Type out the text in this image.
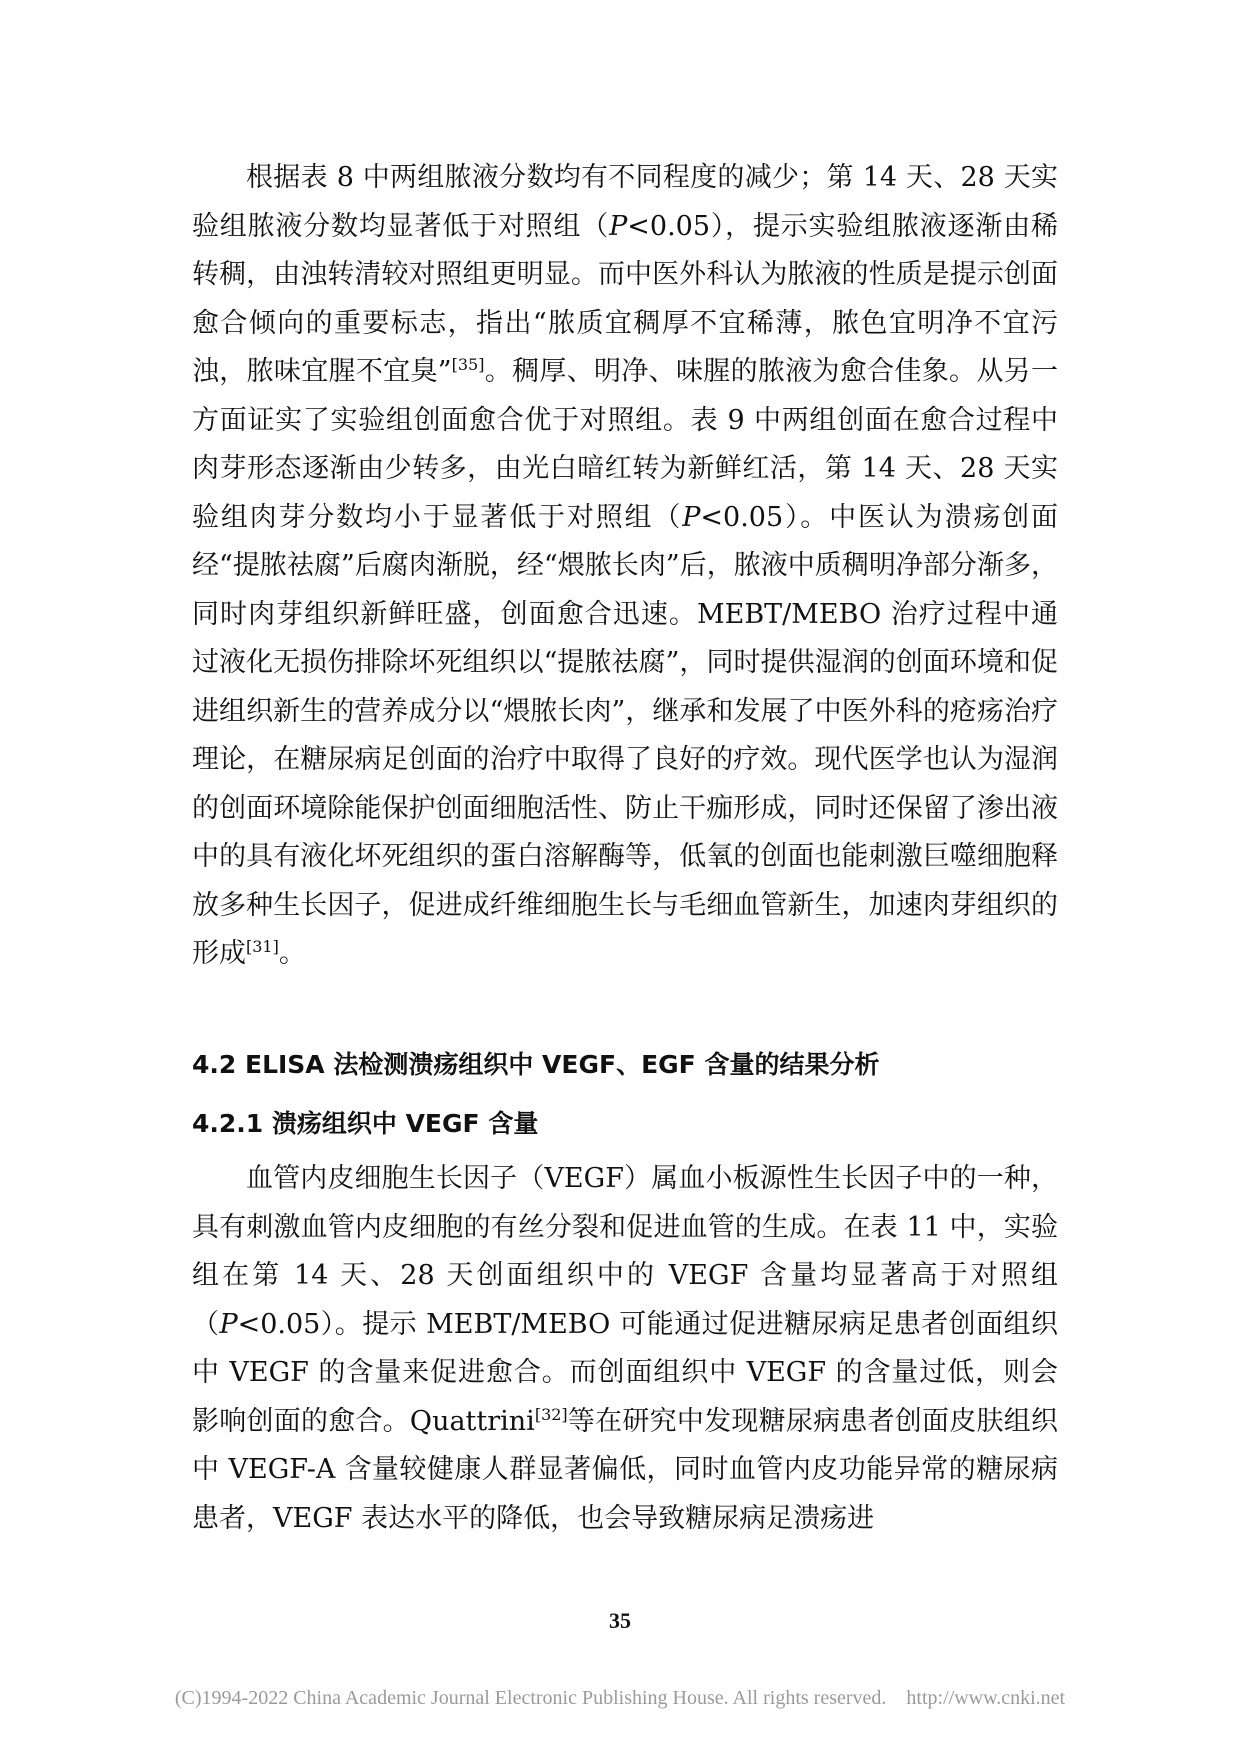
根据表 8 中两组脓液分数均有不同程度的减少；第 14 天、28 天实验组脓液分数均显著低于对照组（P<0.05），提示实验组脓液逐渐由稀转稠，由浊转清较对照组更明显。而中医外科认为脓液的性质是提示创面愈合倾向的重要标志，指出“脓质宜稠厚不宜稀薄，脓色宜明净不宜污浊，脓味宜腥不宜臭”[35]。稠厚、明净、味腥的脓液为愈合佳象。从另一方面证实了实验组创面愈合优于对照组。表 9 中两组创面在愈合过程中肉芽形态逐渐由少转多，由光白暗红转为新鲜红活，第 14 天、28 天实验组肉芽分数均小于显著低于对照组（P<0.05）。中医认为溃疡创面经“提脓祛腐”后腐肉渐脱，经“煨脓长肉”后，脓液中质稠明净部分渐多，同时肉芽组织新鲜旺盛，创面愈合迅速。MEBT/MEBO 治疗过程中通过液化无损伤排除坏死组织以“提脓祛腐”，同时提供湿润的创面环境和促进组织新生的营养成分以“煨脓长肉”，继承和发展了中医外科的疮疡治疗理论，在糖尿病足创面的治疗中取得了良好的疗效。现代医学也认为湿润的创面环境除能保护创面细胞活性、防止干痂形成，同时还保留了渗出液中的具有液化坏死组织的蛋白溶解酶等，低氧的创面也能刺激巨噬细胞释放多种生长因子，促进成纤维细胞生长与毛细血管新生，加速肉芽组织的形成[31]。

4.2 ELISA 法检测溃疡组织中 VEGF、EGF 含量的结果分析
4.2.1 溃疡组织中 VEGF 含量

血管内皮细胞生长因子（VEGF）属血小板源性生长因子中的一种，具有刺激血管内皮细胞的有丝分裂和促进血管的生成。在表 11 中，实验组在第 14 天、28 天创面组织中的 VEGF 含量均显著高于对照组（P<0.05）。提示 MEBT/MEBO 可能通过促进糖尿病足患者创面组织中 VEGF 的含量来促进愈合。而创面组织中 VEGF 的含量过低，则会影响创面的愈合。Quattrini[32]等在研究中发现糖尿病患者创面皮肤组织中 VEGF-A 含量较健康人群显著偏低，同时血管内皮功能异常的糖尿病患者，VEGF 表达水平的降低，也会导致糖尿病足溃疡进

35
(C)1994-2022 China Academic Journal Electronic Publishing House. All rights reserved. http://www.cnki.net
